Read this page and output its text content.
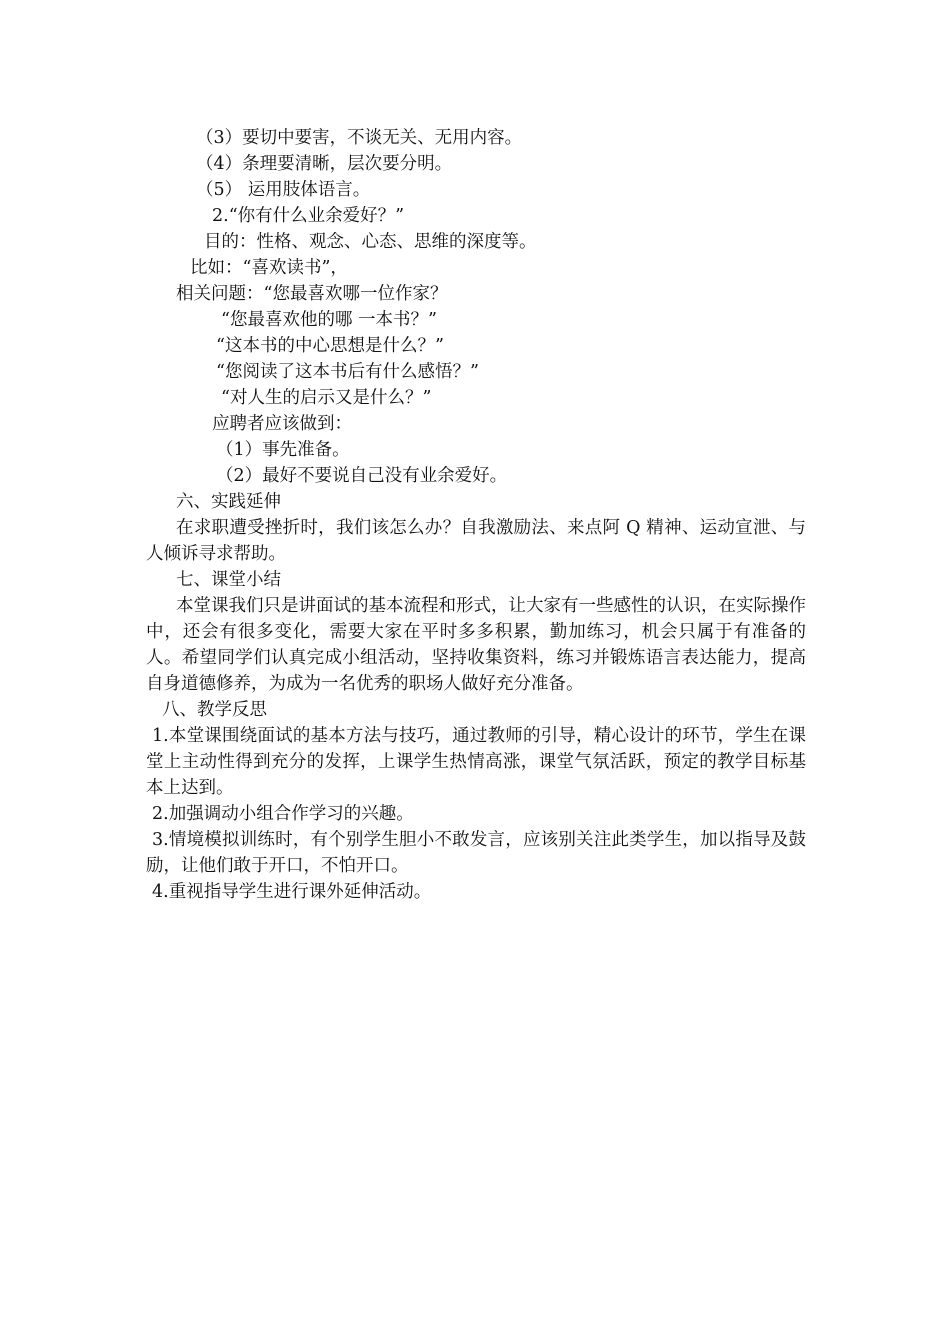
（3）要切中要害，不谈无关、无用内容。
（4）条理要清晰，层次要分明。
（5） 运用肢体语言。
2.“你有什么业余爱好？”
目的：性格、观念、心态、思维的深度等。
比如：“喜欢读书”，
相关问题：“您最喜欢哪一位作家？
“您最喜欢他的哪 一本书？”
“这本书的中心思想是什么？”
“您阅读了这本书后有什么感悟？”
“对人生的启示又是什么？”
应聘者应该做到：
（1）事先准备。
（2）最好不要说自己没有业余爱好。
六、实践延伸

在求职遭受挫折时，我们该怎么办？自我激励法、来点阿 Q 精神、运动宣泄、与人倾诉寻求帮助。

七、课堂小结

本堂课我们只是讲面试的基本流程和形式，让大家有一些感性的认识，在实际操作中，还会有很多变化，需要大家在平时多多积累，勤加练习，机会只属于有准备的人。希望同学们认真完成小组活动，坚持收集资料，练习并锻炼语言表达能力，提高自身道德修养，为成为一名优秀的职场人做好充分准备。

八、教学反思

1.本堂课围绕面试的基本方法与技巧，通过教师的引导，精心设计的环节，学生在课堂上主动性得到充分的发挥，上课学生热情高涨，课堂气氛活跃，预定的教学目标基本上达到。

2.加强调动小组合作学习的兴趣。

3.情境模拟训练时，有个别学生胆小不敢发言，应该别关注此类学生，加以指导及鼓励，让他们敢于开口，不怕开口。

4.重视指导学生进行课外延伸活动。
